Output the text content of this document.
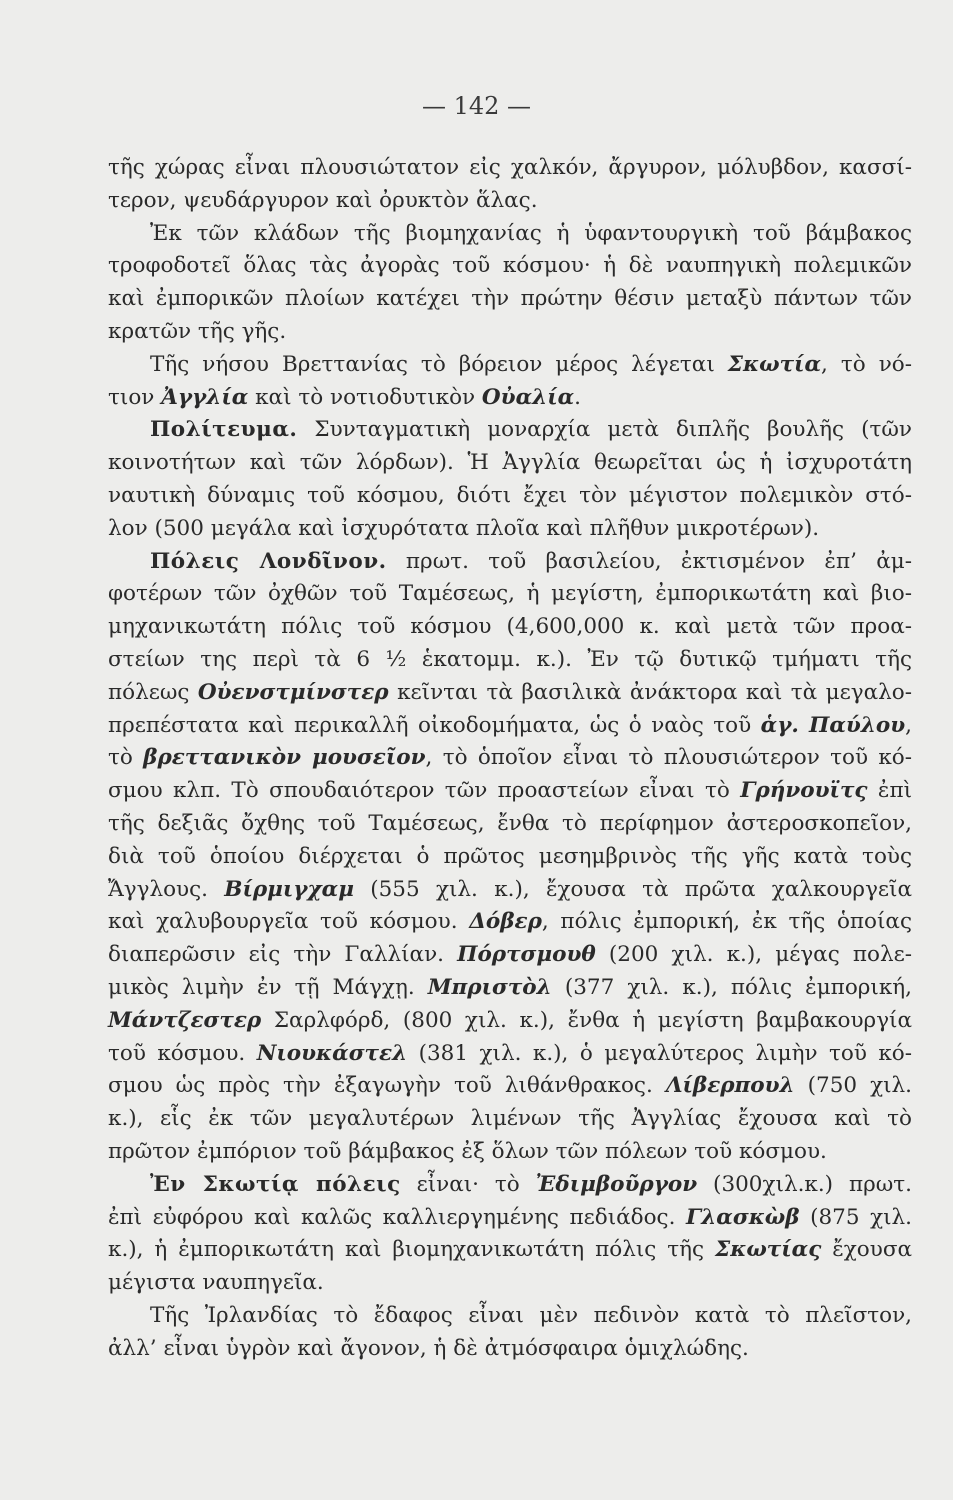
— 142 —
τῆς χώρας εἶναι πλουσιώτατον εἰς χαλκόν, ἄργυρον, μόλυβδον, κασσί-
τερον, ψευδάργυρον καὶ ὀρυκτὸν ἅλας.
Ἐκ τῶν κλάδων τῆς βιομηχανίας ἡ ὑφαντουργικὴ τοῦ βάμβακος
τροφοδοτεῖ ὅλας τὰς ἀγορὰς τοῦ κόσμου· ἡ δὲ ναυπηγικὴ πολεμικῶν
καὶ ἐμπορικῶν πλοίων κατέχει τὴν πρώτην θέσιν μεταξὺ πάντων τῶν
κρατῶν τῆς γῆς.
Τῆς νήσου Βρεττανίας τὸ βόρειον μέρος λέγεται Σκωτία, τὸ νό-
τιον Ἀγγλία καὶ τὸ νοτιοδυτικὸν Οὐαλία.
Πολίτευμα. Συνταγματικὴ μοναρχία μετὰ διπλῆς βουλῆς (τῶν
κοινοτήτων καὶ τῶν λόρδων). Ἡ Ἀγγλία θεωρεῖται ὡς ἡ ἰσχυροτάτη
ναυτικὴ δύναμις τοῦ κόσμου, διότι ἔχει τὸν μέγιστον πολεμικὸν στό-
λον (500 μεγάλα καὶ ἰσχυρότατα πλοῖα καὶ πλῆθυν μικροτέρων).
Πόλεις Λονδῖνον. πρωτ. τοῦ βασιλείου, ἐκτισμένον ἐπ’ ἀμ-
φοτέρων τῶν ὀχθῶν τοῦ Ταμέσεως, ἡ μεγίστη, ἐμπορικωτάτη καὶ βιο-
μηχανικωτάτη πόλις τοῦ κόσμου (4,600,000 κ. καὶ μετὰ τῶν προα-
στείων της περὶ τὰ 6 ½ ἑκατομμ. κ.). Ἐν τῷ δυτικῷ τμήματι τῆς
πόλεως Οὐενστμίνστερ κεῖνται τὰ βασιλικὰ ἀνάκτορα καὶ τὰ μεγαλο-
πρεπέστατα καὶ περικαλλῆ οἰκοδομήματα, ὡς ὁ ναὸς τοῦ ἁγ. Παύλου,
τὸ βρεττανικὸν μουσεῖον, τὸ ὁποῖον εἶναι τὸ πλουσιώτερον τοῦ κό-
σμου κλπ. Τὸ σπουδαιότερον τῶν προαστείων εἶναι τὸ Γρήνουϊτς ἐπὶ
τῆς δεξιᾶς ὄχθης τοῦ Ταμέσεως, ἔνθα τὸ περίφημον ἀστεροσκοπεῖον,
διὰ τοῦ ὁποίου διέρχεται ὁ πρῶτος μεσημβρινὸς τῆς γῆς κατὰ τοὺς
Ἄγγλους. Βίρμιγχαμ (555 χιλ. κ.), ἔχουσα τὰ πρῶτα χαλκουργεῖα
καὶ χαλυβουργεῖα τοῦ κόσμου. Δόβερ, πόλις ἐμπορική, ἐκ τῆς ὁποίας
διαπερῶσιν εἰς τὴν Γαλλίαν. Πόρτσμουθ (200 χιλ. κ.), μέγας πολε-
μικὸς λιμὴν ἐν τῇ Μάγχῃ. Μπριστὸλ (377 χιλ. κ.), πόλις ἐμπορική,
Μάντζεστερ Σαρλφόρδ, (800 χιλ. κ.), ἔνθα ἡ μεγίστη βαμβακουργία
τοῦ κόσμου. Νιουκάστελ (381 χιλ. κ.), ὁ μεγαλύτερος λιμὴν τοῦ κό-
σμου ὡς πρὸς τὴν ἐξαγωγὴν τοῦ λιθάνθρακος. Λίβερπουλ (750 χιλ.
κ.), εἷς ἐκ τῶν μεγαλυτέρων λιμένων τῆς Ἀγγλίας ἔχουσα καὶ τὸ
πρῶτον ἐμπόριον τοῦ βάμβακος ἐξ ὅλων τῶν πόλεων τοῦ κόσμου.
Ἐν Σκωτίᾳ πόλεις εἶναι· τὸ Ἐδιμβοῦργον (300χιλ.κ.) πρωτ.
ἐπὶ εὐφόρου καὶ καλῶς καλλιεργημένης πεδιάδος. Γλασκὼβ (875 χιλ.
κ.), ἡ ἐμπορικωτάτη καὶ βιομηχανικωτάτη πόλις τῆς Σκωτίας ἔχουσα
μέγιστα ναυπηγεῖα.
Τῆς Ἰρλανδίας τὸ ἔδαφος εἶναι μὲν πεδινὸν κατὰ τὸ πλεῖστον,
ἀλλ’ εἶναι ὑγρὸν καὶ ἄγονον, ἡ δὲ ἀτμόσφαιρα ὁμιχλώδης.
